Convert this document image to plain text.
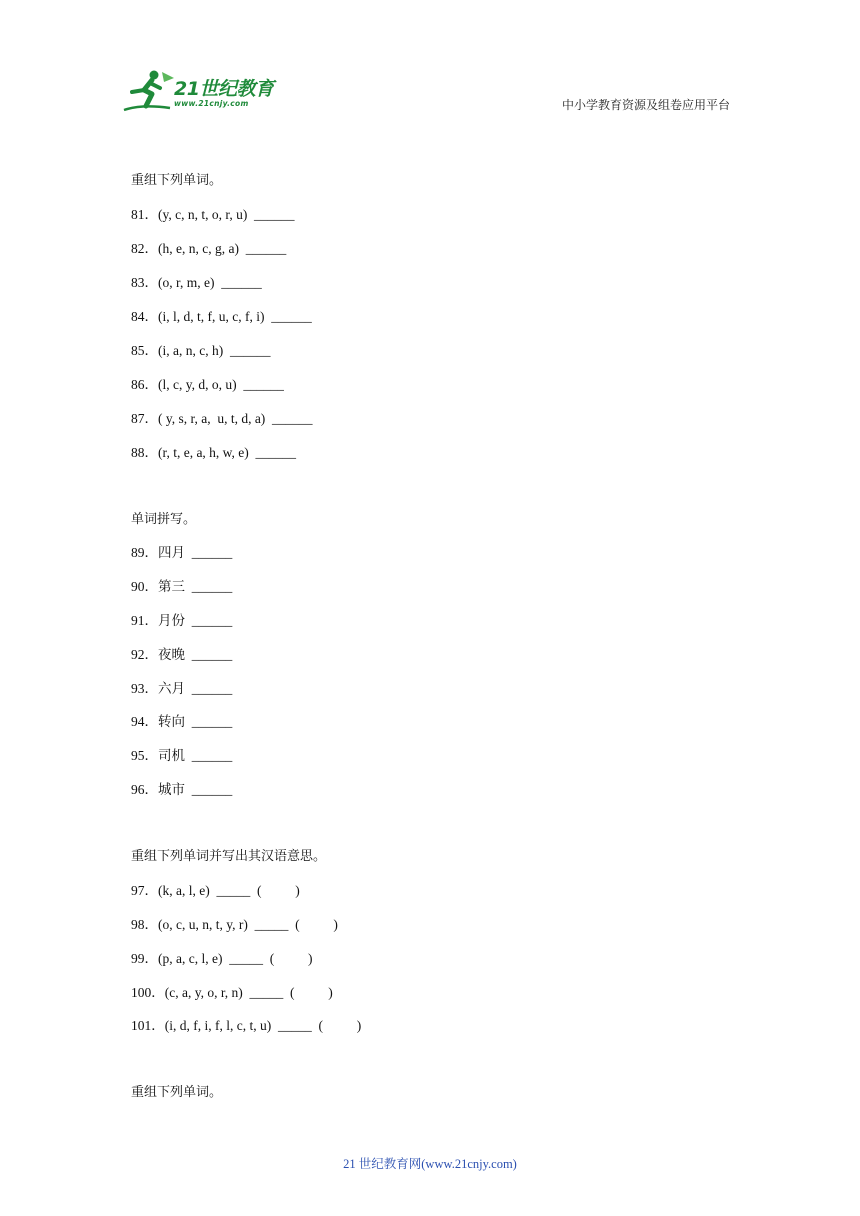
21世纪教育
www.21cnjy.com	中小学教育资源及组卷应用平台
重组下列单词。
81．(y, c, n, t, o, r, u)  ______
82．(h, e, n, c, g, a)  ______
83．(o, r, m, e)  ______
84．(i, l, d, t, f, u, c, f, i)  ______
85．(i, a, n, c, h)  ______
86．(l, c, y, d, o, u)  ______
87．( y, s, r, a,  u, t, d, a)  ______
88．(r, t, e, a, h, w, e)  ______
单词拼写。
89．四月  ______
90．第三  ______
91．月份  ______
92．夜晚  ______
93．六月  ______
94．转向  ______
95．司机  ______
96．城市  ______
重组下列单词并写出其汉语意思。
97．(k, a, l, e)  _____  (          )
98．(o, c, u, n, t, y, r)  _____  (          )
99．(p, a, c, l, e)  _____  (          )
100．(c, a, y, o, r, n)  _____  (          )
101．(i, d, f, i, f, l, c, t, u)  _____  (          )
重组下列单词。
21 世纪教育网(www.21cnjy.com)
